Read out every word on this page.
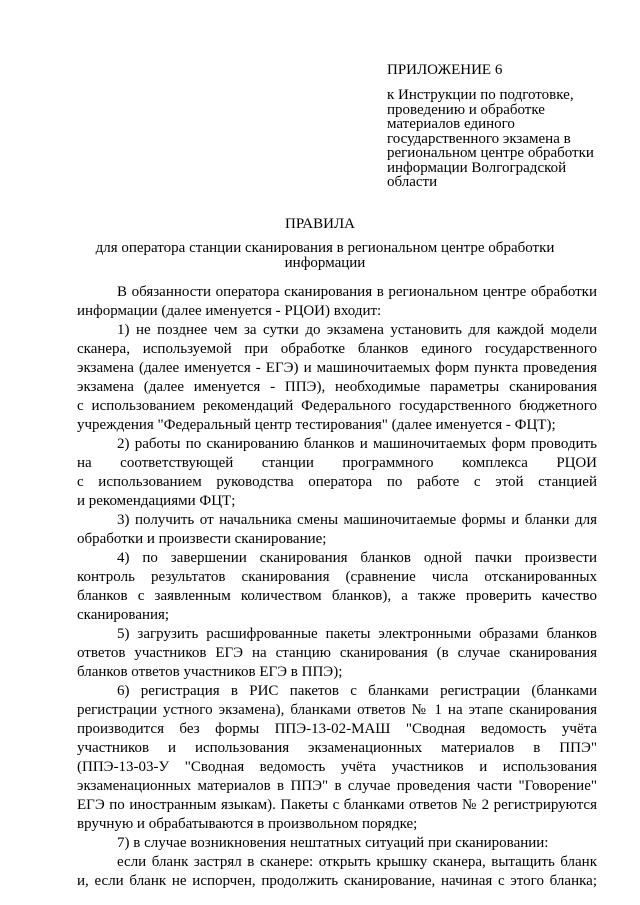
ПРИЛОЖЕНИЕ 6
к Инструкции по подготовке,
проведению и обработке
материалов единого
государственного экзамена в
региональном центре обработки
информации Волгоградской
области
ПРАВИЛА
для оператора станции сканирования в региональном центре обработки информации
В обязанности оператора сканирования в региональном центре обработки
информации (далее именуется - РЦОИ) входит:
1) не позднее чем за сутки до экзамена установить для каждой модели
сканера, используемой при обработке бланков единого государственного
экзамена (далее именуется - ЕГЭ) и машиночитаемых форм пункта проведения
экзамена (далее именуется - ППЭ), необходимые параметры сканирования
с использованием рекомендаций Федерального государственного бюджетного
учреждения "Федеральный центр тестирования" (далее именуется - ФЦТ);
2) работы по сканированию бланков и машиночитаемых форм проводить
на соответствующей станции программного комплекса РЦОИ
с использованием руководства оператора по работе с этой станцией
и рекомендациями ФЦТ;
3) получить от начальника смены машиночитаемые формы и бланки для
обработки и произвести сканирование;
4) по завершении сканирования бланков одной пачки произвести
контроль результатов сканирования (сравнение числа отсканированных
бланков с заявленным количеством бланков), а также проверить качество
сканирования;
5) загрузить расшифрованные пакеты электронными образами бланков
ответов участников ЕГЭ на станцию сканирования (в случае сканирования
бланков ответов участников ЕГЭ в ППЭ);
6) регистрация в РИС пакетов с бланками регистрации (бланками
регистрации устного экзамена), бланками ответов № 1 на этапе сканирования
производится без формы ППЭ-13-02-МАШ "Сводная ведомость учёта
участников и использования экзаменационных материалов в ППЭ"
(ППЭ-13-03-У "Сводная ведомость учёта участников и использования
экзаменационных материалов в ППЭ" в случае проведения части "Говорение"
ЕГЭ по иностранным языкам). Пакеты с бланками ответов № 2 регистрируются
вручную и обрабатываются в произвольном порядке;
7) в случае возникновения нештатных ситуаций при сканировании:
если бланк застрял в сканере: открыть крышку сканера, вытащить бланк
и, если бланк не испорчен, продолжить сканирование, начиная с этого бланка;
